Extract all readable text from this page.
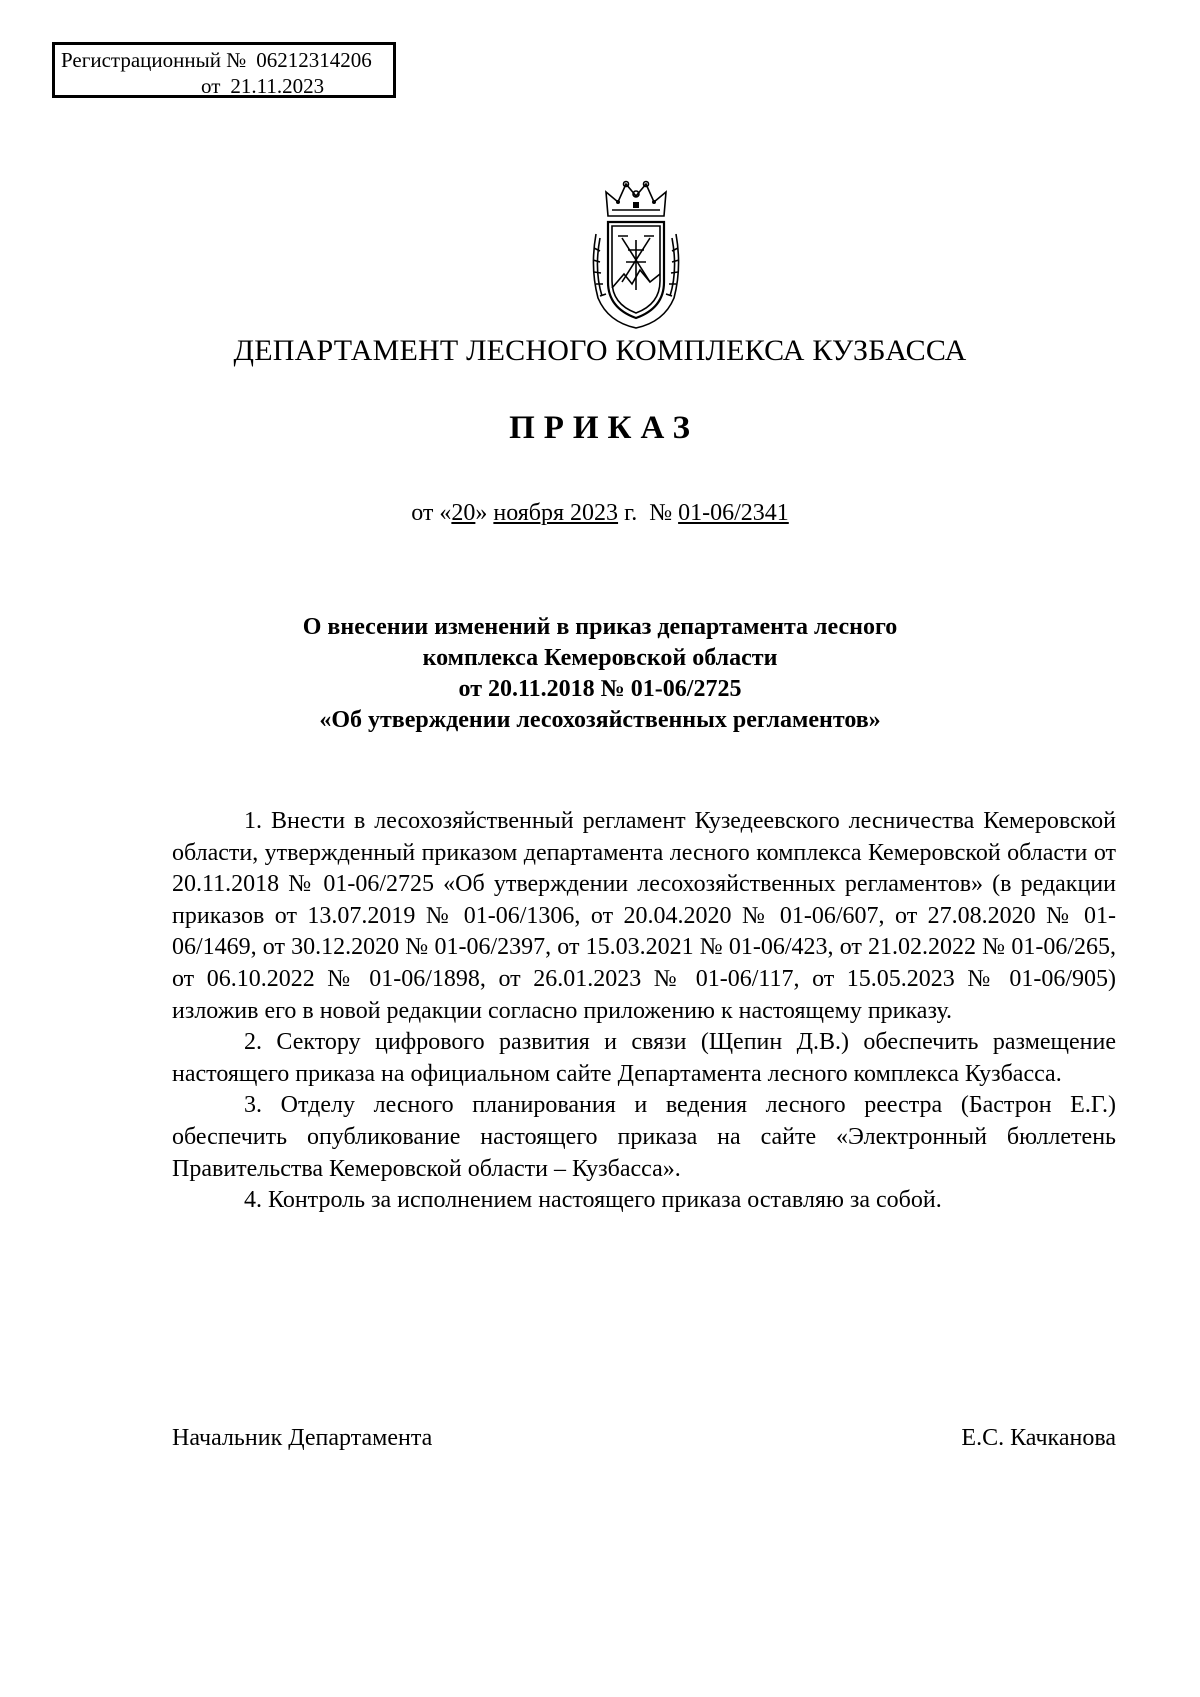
Регистрационный № 06212314206
от 21.11.2023
ДЕПАРТАМЕНТ ЛЕСНОГО КОМПЛЕКСА КУЗБАССА
ПРИКАЗ
от «20» ноября 2023 г.  № 01-06/2341
О внесении изменений в приказ департамента лесного
комплекса Кемеровской области
от 20.11.2018 № 01-06/2725
«Об утверждении лесохозяйственных регламентов»

1. Внести в лесохозяйственный регламент Кузедеевского лесничества Кемеровской области, утвержденный приказом департамента лесного комплекса Кемеровской области от 20.11.2018 № 01-06/2725 «Об утверждении лесохозяйственных регламентов» (в редакции приказов от 13.07.2019 № 01-06/1306, от 20.04.2020 № 01-06/607, от 27.08.2020 № 01-06/1469, от 30.12.2020 № 01-06/2397, от 15.03.2021 № 01-06/423, от 21.02.2022 № 01-06/265, от 06.10.2022 № 01-06/1898, от 26.01.2023 № 01-06/117, от 15.05.2023 № 01-06/905) изложив его в новой редакции согласно приложению к настоящему приказу.

2. Сектору цифрового развития и связи (Щепин Д.В.) обеспечить размещение настоящего приказа на официальном сайте Департамента лесного комплекса Кузбасса.

3. Отделу лесного планирования и ведения лесного реестра (Бастрон Е.Г.) обеспечить опубликование настоящего приказа на сайте «Электронный бюллетень Правительства Кемеровской области – Кузбасса».

4. Контроль за исполнением настоящего приказа оставляю за собой.

Начальник Департамента	Е.С. Качканова
